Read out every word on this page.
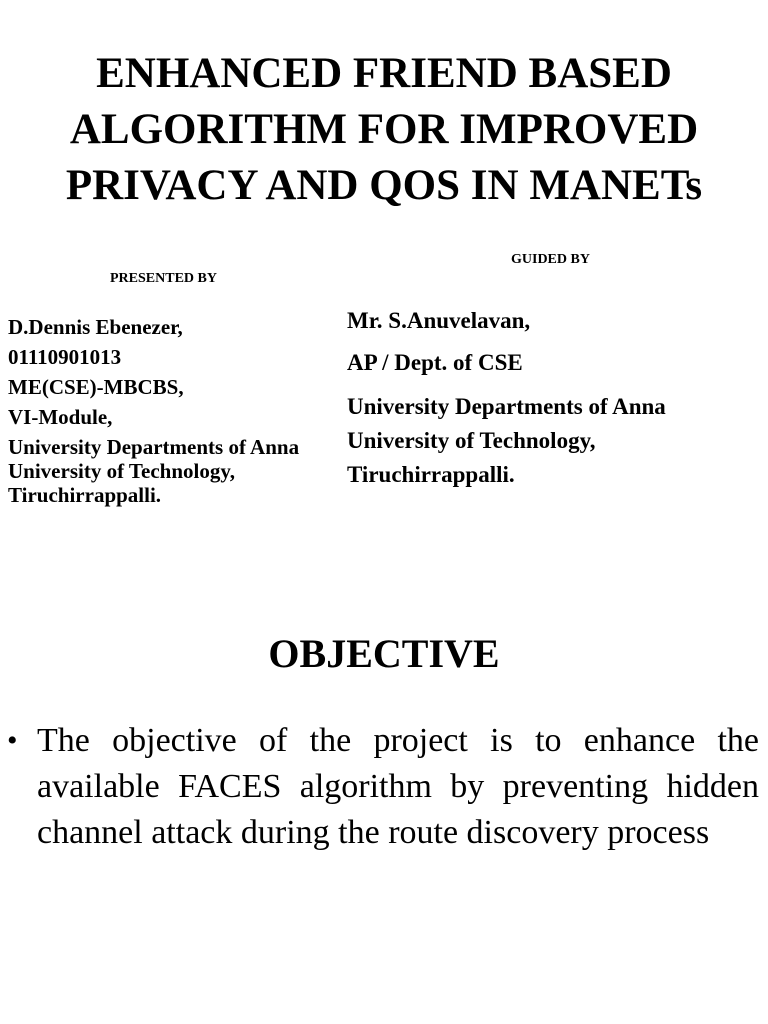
ENHANCED FRIEND BASED
ALGORITHM FOR IMPROVED
PRIVACY AND QOS IN MANETs
PRESENTED BY
GUIDED BY
D.Dennis Ebenezer,
01110901013
ME(CSE)-MBCBS,
VI-Module,
University Departments of Anna University of Technology, Tiruchirrappalli.
Mr. S.Anuvelavan,
AP / Dept. of CSE
University Departments of Anna
University of Technology,
Tiruchirrappalli.
OBJECTIVE
• The objective of the project is to enhance the available FACES algorithm by preventing hidden channel attack during the route discovery process
